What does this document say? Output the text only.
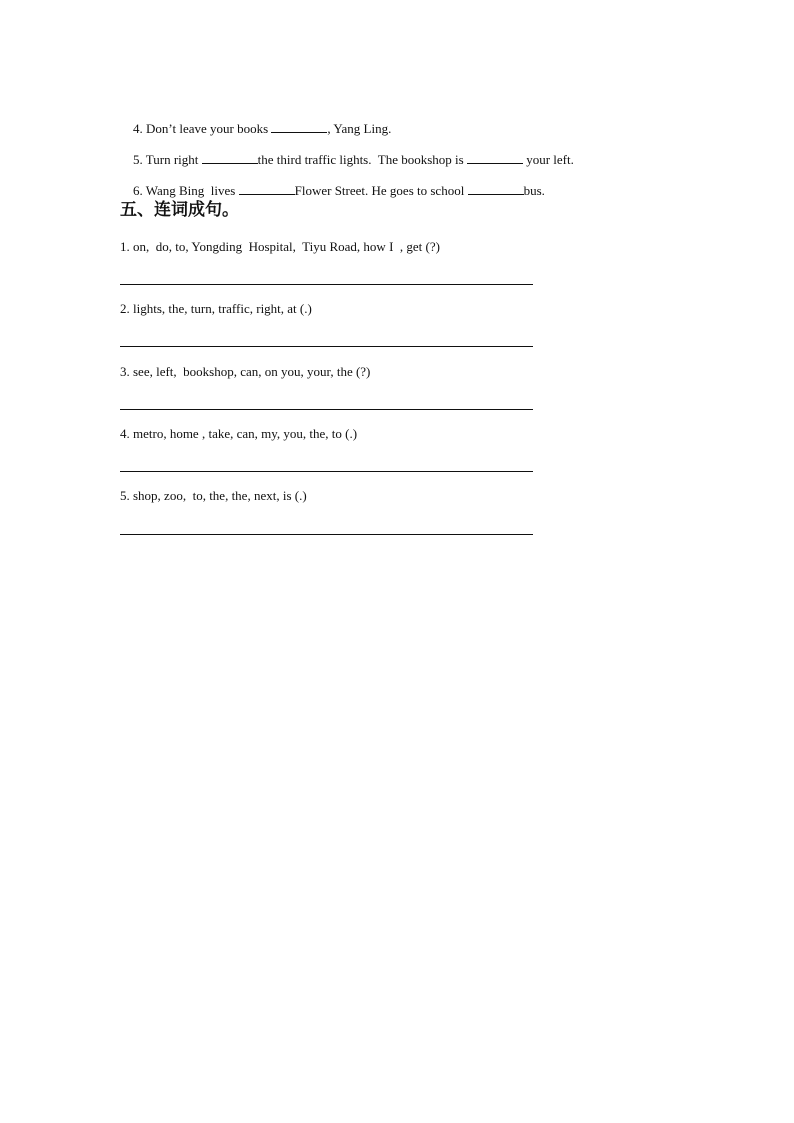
4. Don’t leave your books	, Yang Ling.

5. Turn right	the third traffic lights.  The bookshop is	your left.

6. Wang Bing  lives	Flower Street. He goes to school	bus.

五、连词成句。
1. on,  do, to, Yongding  Hospital,  Tiyu Road, how I  , get (?)
2. lights, the, turn, traffic, right, at (.)
3. see, left,  bookshop, can, on you, your, the (?)
4. metro, home , take, can, my, you, the, to (.)
5. shop, zoo,  to, the, the, next, is (.)
